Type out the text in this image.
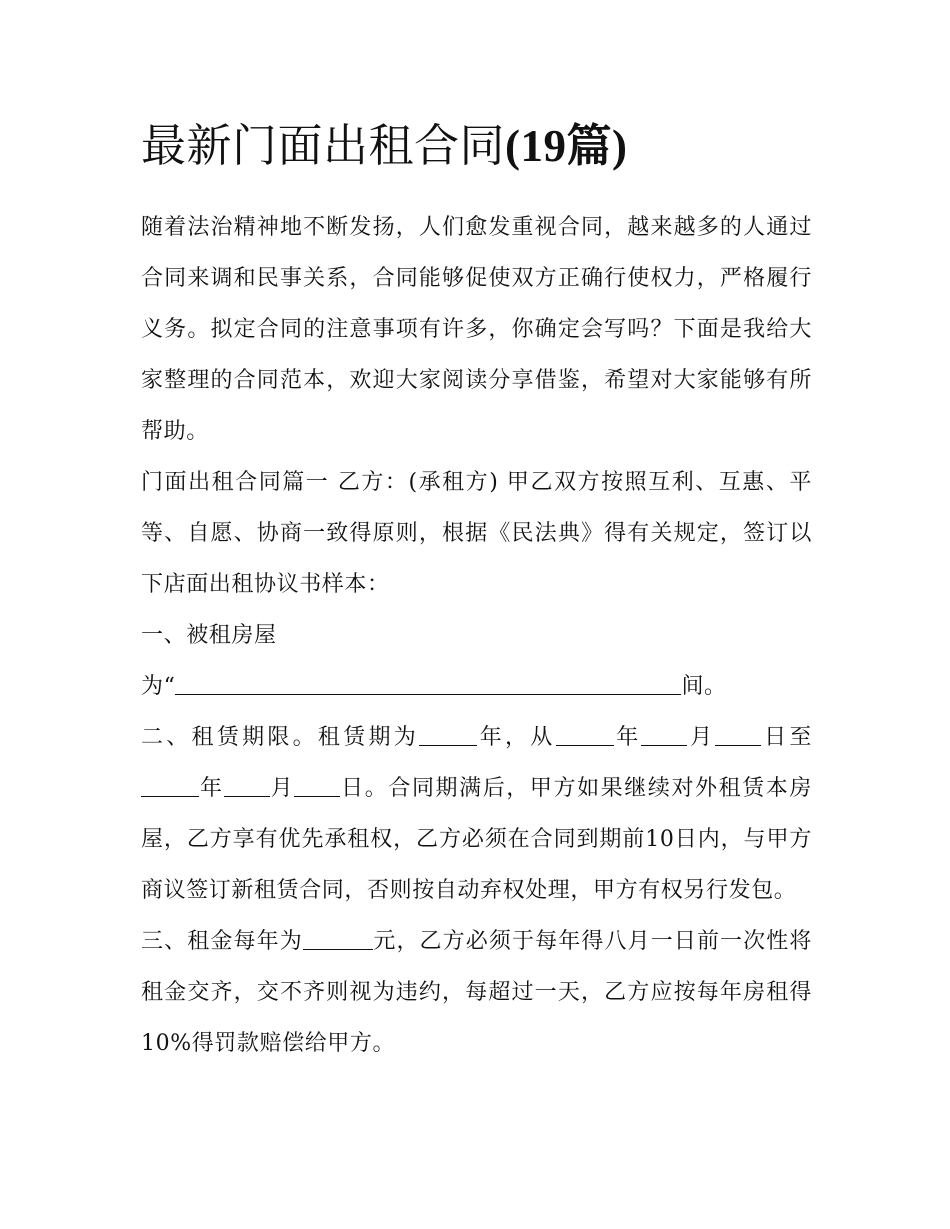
最新门面出租合同(19篇)

随着法治精神地不断发扬，人们愈发重视合同，越来越多的人通过合同来调和民事关系，合同能够促使双方正确行使权力，严格履行义务。拟定合同的注意事项有许多，你确定会写吗？下面是我给大家整理的合同范本，欢迎大家阅读分享借鉴，希望对大家能够有所帮助。

门面出租合同篇一 乙方：(承租方) 甲乙双方按照互利、互惠、平等、自愿、协商一致得原则，根据《民法典》得有关规定，签订以下店面出租协议书样本：

一、被租房屋

为“	间。

二、租赁期限。租赁期为	年，从	年 月 日至年 月 日。合同期满后，甲方如果继续对外租赁本房屋，乙方享有优先承租权，乙方必须在合同到期前10日内，与甲方商议签订新租赁合同，否则按自动弃权处理，甲方有权另行发包。

三、租金每年为	元，乙方必须于每年得八月一日前一次性将租金交齐，交不齐则视为违约，每超过一天，乙方应按每年房租得10%得罚款赔偿给甲方。
